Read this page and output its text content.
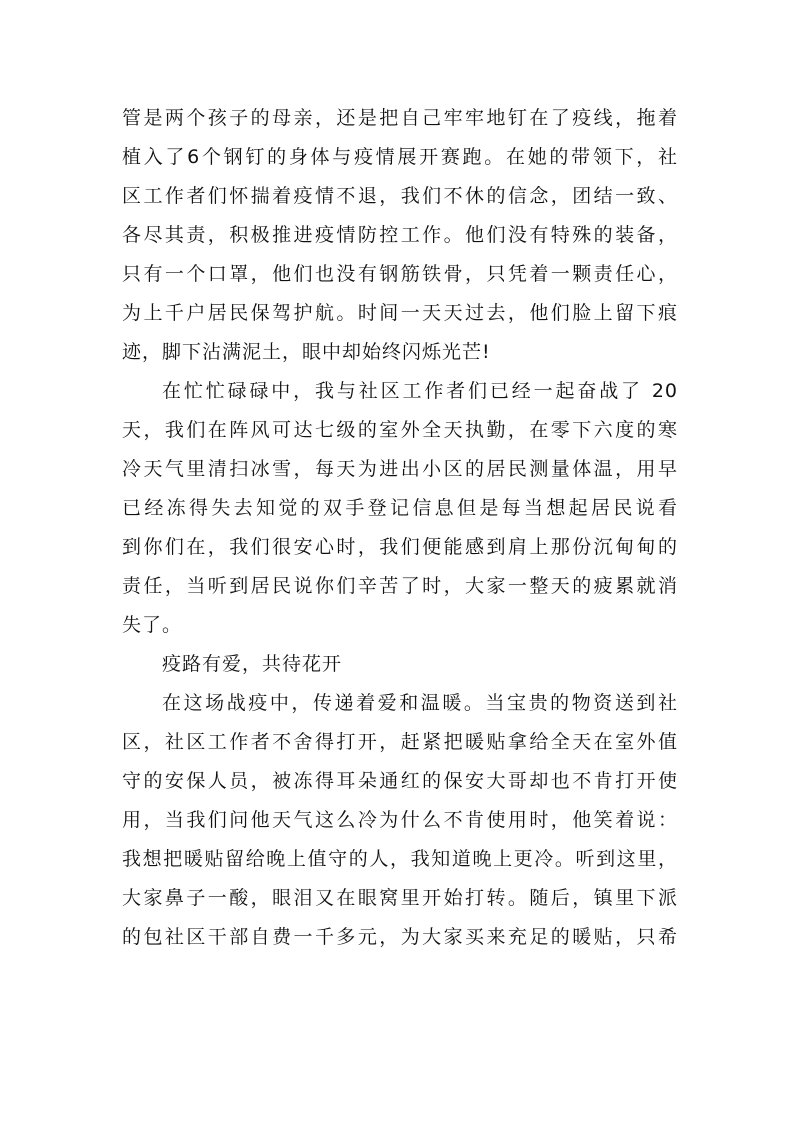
管是两个孩子的母亲，还是把自己牢牢地钉在了疫线，拖着
植入了6个钢钉的身体与疫情展开赛跑。在她的带领下，社
区工作者们怀揣着疫情不退，我们不休的信念，团结一致、
各尽其责，积极推进疫情防控工作。他们没有特殊的装备，
只有一个口罩，他们也没有钢筋铁骨，只凭着一颗责任心，
为上千户居民保驾护航。时间一天天过去，他们脸上留下痕
迹，脚下沾满泥土，眼中却始终闪烁光芒!
在忙忙碌碌中，我与社区工作者们已经一起奋战了 20
天，我们在阵风可达七级的室外全天执勤，在零下六度的寒
冷天气里清扫冰雪，每天为进出小区的居民测量体温，用早
已经冻得失去知觉的双手登记信息但是每当想起居民说看
到你们在，我们很安心时，我们便能感到肩上那份沉甸甸的
责任，当听到居民说你们辛苦了时，大家一整天的疲累就消
失了。
疫路有爱，共待花开
在这场战疫中，传递着爱和温暖。当宝贵的物资送到社
区，社区工作者不舍得打开，赶紧把暖贴拿给全天在室外值
守的安保人员，被冻得耳朵通红的保安大哥却也不肯打开使
用，当我们问他天气这么冷为什么不肯使用时，他笑着说：
我想把暖贴留给晚上值守的人，我知道晚上更冷。听到这里，
大家鼻子一酸，眼泪又在眼窝里开始打转。随后，镇里下派
的包社区干部自费一千多元，为大家买来充足的暖贴，只希
